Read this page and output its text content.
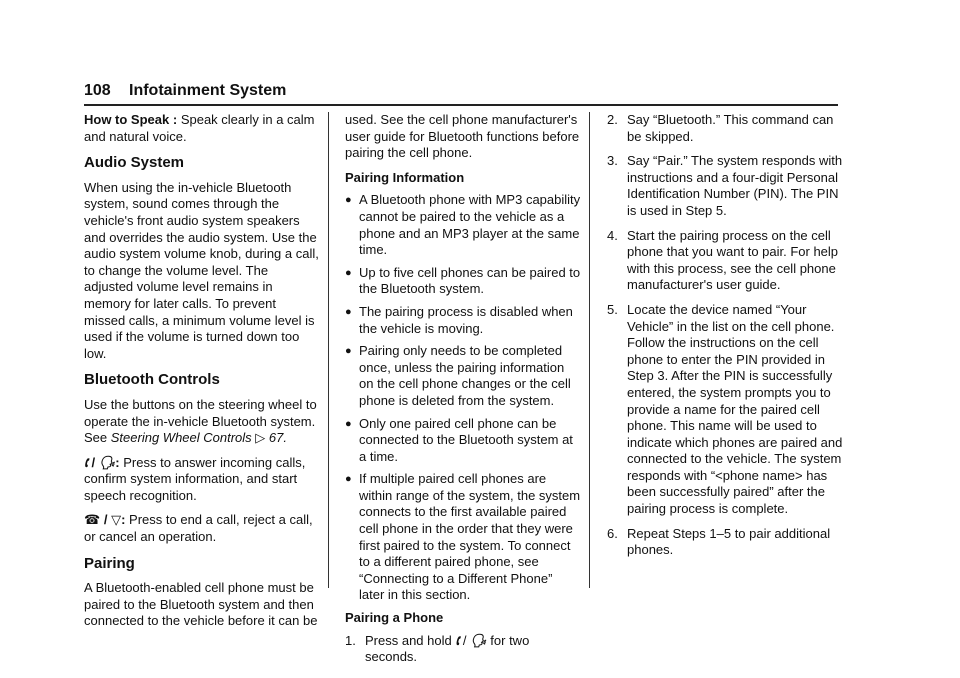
108 Infotainment System

How to Speak : Speak clearly in a calm and natural voice.

Audio System

When using the in-vehicle Bluetooth system, sound comes through the vehicle's front audio system speakers and overrides the audio system. Use the audio system volume knob, during a call, to change the volume level. The adjusted volume level remains in memory for later calls. To prevent missed calls, a minimum volume level is used if the volume is turned down too low.

Bluetooth Controls

Use the buttons on the steering wheel to operate the in-vehicle Bluetooth system. See Steering Wheel Controls ▷ 67.

🕻 / 🗣: Press to answer incoming calls, confirm system information, and start speech recognition.

☎ / ▽: Press to end a call, reject a call, or cancel an operation.

Pairing

A Bluetooth-enabled cell phone must be paired to the Bluetooth system and then connected to the vehicle before it can be

used. See the cell phone manufacturer's user guide for Bluetooth functions before pairing the cell phone.

Pairing Information
● A Bluetooth phone with MP3 capability cannot be paired to the vehicle as a phone and an MP3 player at the same time.
● Up to five cell phones can be paired to the Bluetooth system.
● The pairing process is disabled when the vehicle is moving.
● Pairing only needs to be completed once, unless the pairing information on the cell phone changes or the cell phone is deleted from the system.
● Only one paired cell phone can be connected to the Bluetooth system at a time.
● If multiple paired cell phones are within range of the system, the system connects to the first available paired cell phone in the order that they were first paired to the system. To connect to a different paired phone, see “Connecting to a Different Phone” later in this section.
Pairing a Phone
1. Press and hold 🕻 / 🗣 for two seconds.
2. Say “Bluetooth.” This command can be skipped.
3. Say “Pair.” The system responds with instructions and a four-digit Personal Identification Number (PIN). The PIN is used in Step 5.
4. Start the pairing process on the cell phone that you want to pair. For help with this process, see the cell phone manufacturer's user guide.
5. Locate the device named “Your Vehicle” in the list on the cell phone. Follow the instructions on the cell phone to enter the PIN provided in Step 3. After the PIN is successfully entered, the system prompts you to provide a name for the paired cell phone. This name will be used to indicate which phones are paired and connected to the vehicle. The system responds with “<phone name> has been successfully paired” after the pairing process is complete.
6. Repeat Steps 1–5 to pair additional phones.
